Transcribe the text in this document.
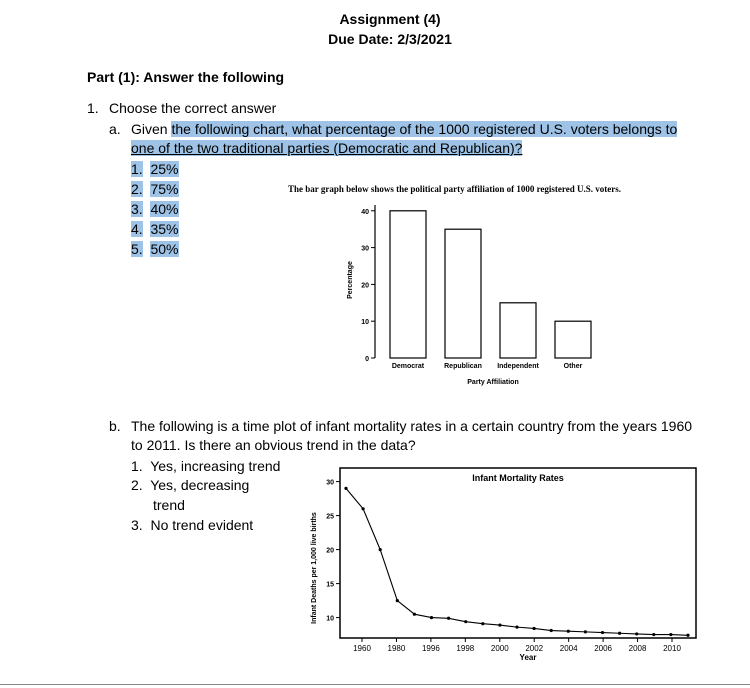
Assignment (4)
Due Date: 2/3/2021
Part (1): Answer the following
1. Choose the correct answer
a. Given the following chart, what percentage of the 1000 registered U.S. voters belongs to
one of the two traditional parties (Democratic and Republican)?
1. 25%
2. 75%
3. 40%
4. 35%
5. 50%
The bar graph below shows the political party affiliation of 1000 registered U.S. voters.
0
10
20
30
40
Democrat	Republican Independent	Other
Party Affiliation
Percentage
b. The following is a time plot of infant mortality rates in a certain country from the years 1960
to 2011. Is there an obvious trend in the data?
1. Yes, increasing trend
2. Yes, decreasing
trend
3. No trend evident
Infant Mortality Rates
10
15
20
25
30
1960 1980 1996 1998 2000 2002 2004 2006 2008 2010
Year
Infant Deaths per 1,000 live births
